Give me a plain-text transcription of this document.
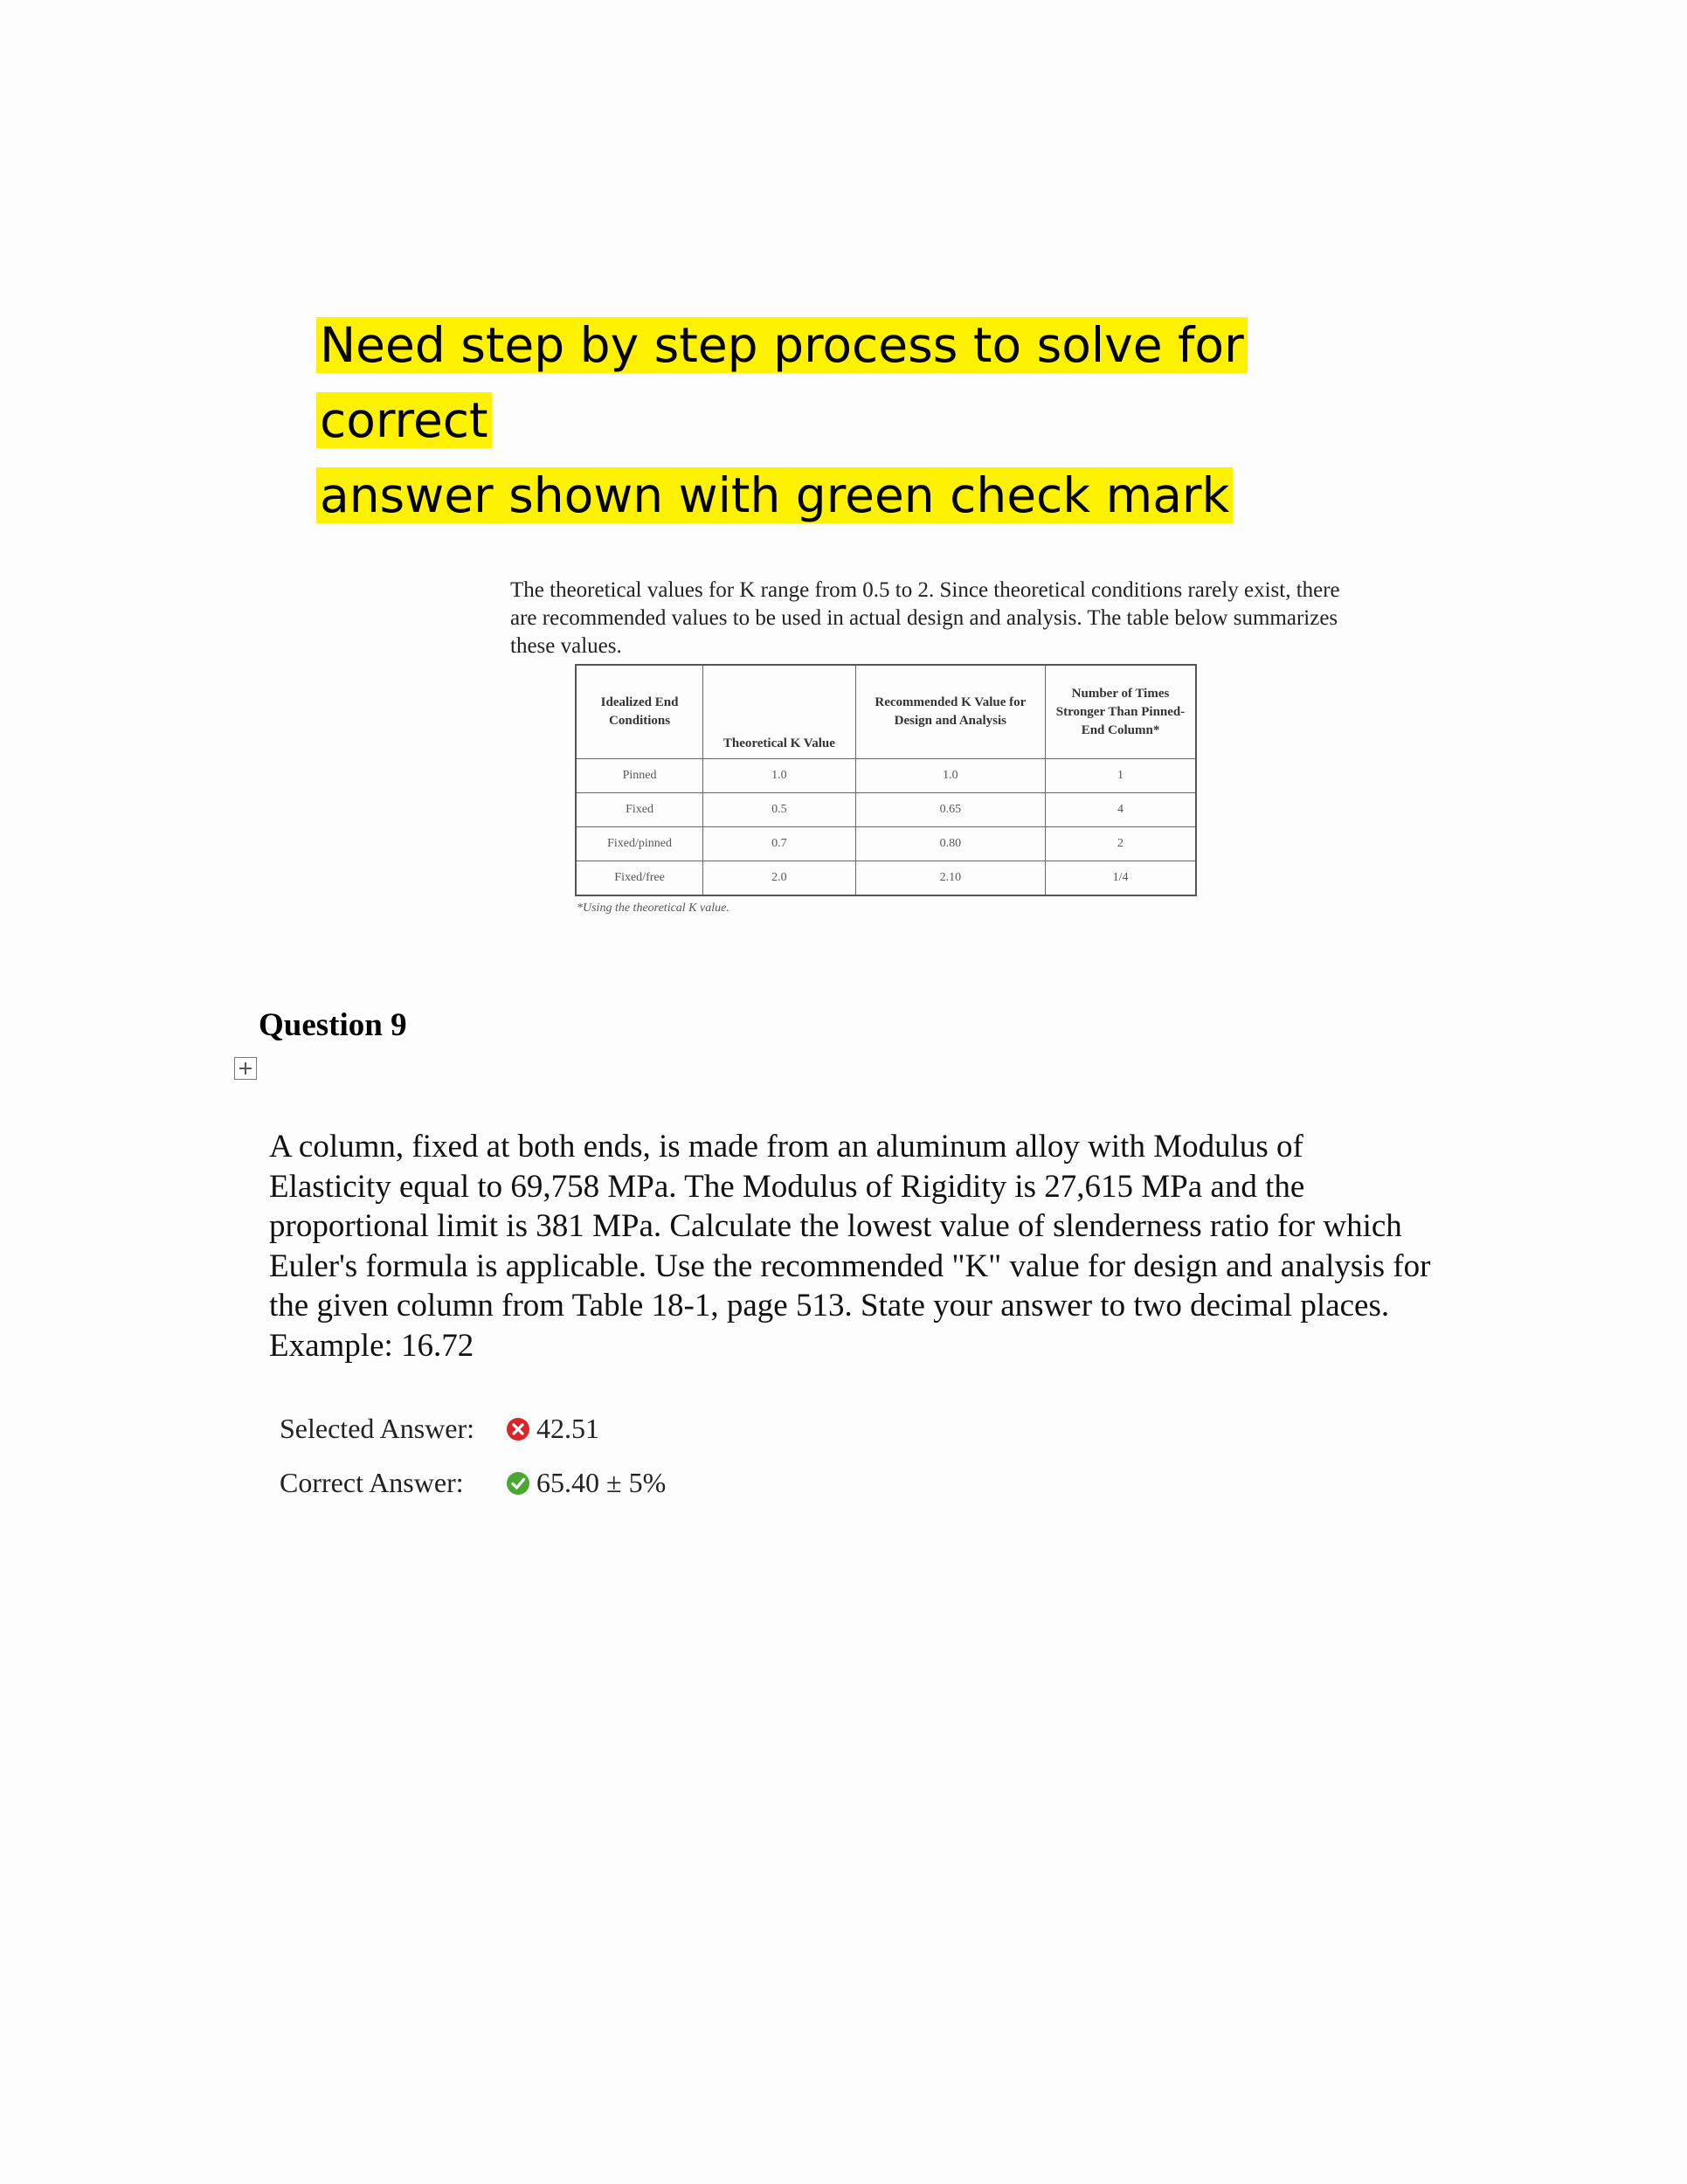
Need step by step process to solve for correct
answer shown with green check mark
The theoretical values for K range from 0.5 to 2. Since theoretical conditions rarely exist, there are recommended values to be used in actual design and analysis. The table below summarizes these values.
Idealized End Conditions	Theoretical K Value	Recommended K Value for Design and Analysis	Number of Times Stronger Than Pinned-End Column*
Pinned	1.0	1.0	1
Fixed	0.5	0.65	4
Fixed/pinned	0.7	0.80	2
Fixed/free	2.0	2.10	1/4
*Using the theoretical K value.
Question 9
A column, fixed at both ends, is made from an aluminum alloy with Modulus of Elasticity equal to 69,758 MPa. The Modulus of Rigidity is 27,615 MPa and the proportional limit is 381 MPa. Calculate the lowest value of slenderness ratio for which Euler's formula is applicable. Use the recommended "K" value for design and analysis for the given column from Table 18-1, page 513. State your answer to two decimal places. Example: 16.72
Selected Answer:	42.51
Correct Answer:	65.40 ± 5%
